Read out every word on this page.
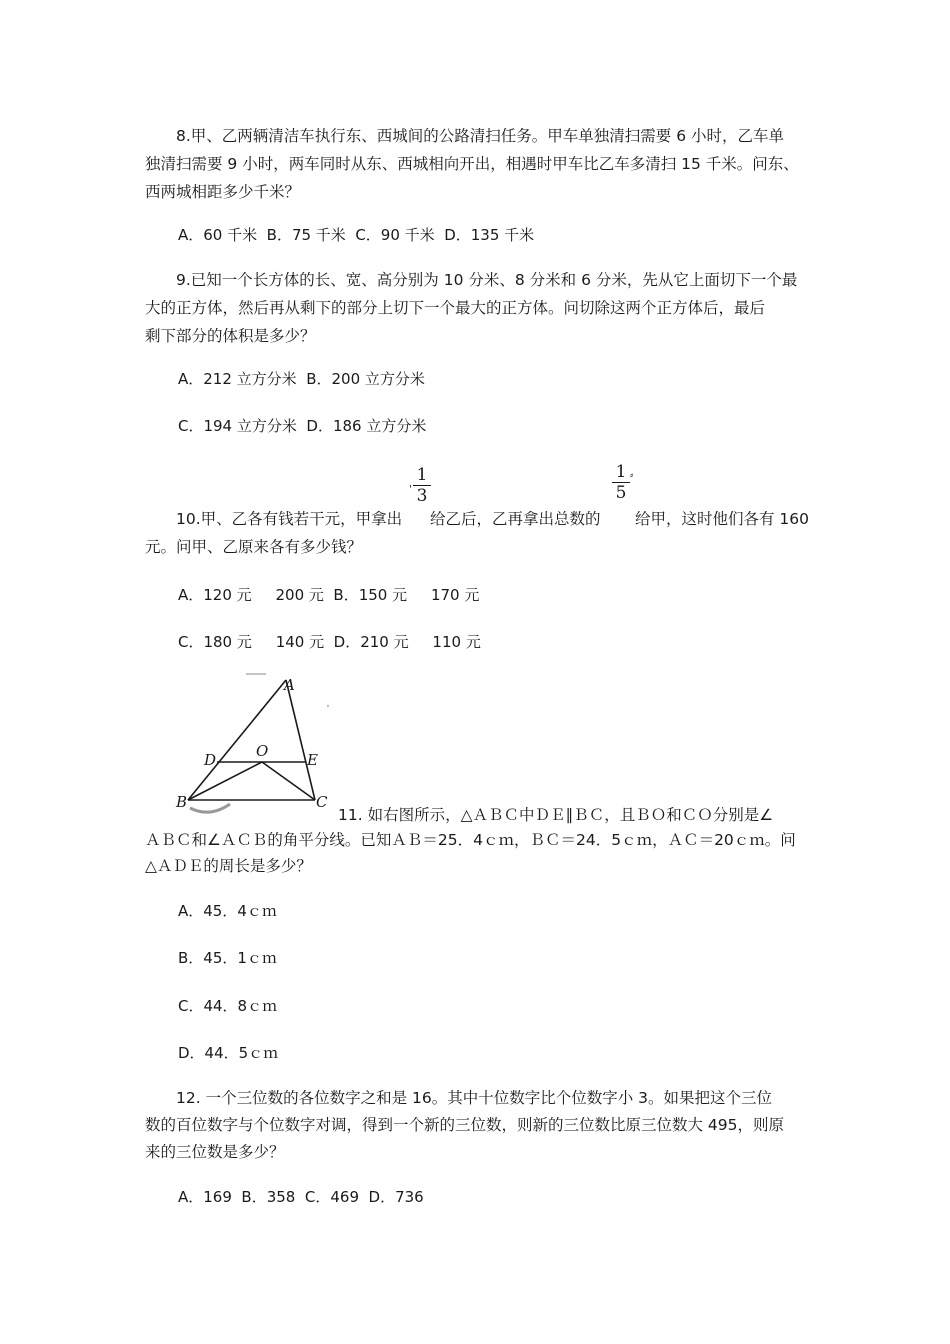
8.甲、乙两辆清洁车执行东、西城间的公路清扫任务。甲车单独清扫需要 6 小时，乙车单

独清扫需要 9 小时，两车同时从东、西城相向开出，相遇时甲车比乙车多清扫 15 千米。问东、

西两城相距多少千米？

A．60 千米  B．75 千米  C．90 千米  D．135 千米

9.已知一个长方体的长、宽、高分别为 10 分米、8 分米和 6 分米，先从它上面切下一个最

大的正方体，然后再从剩下的部分上切下一个最大的正方体。问切除这两个正方体后，最后

剩下部分的体积是多少？

A．212 立方分米  B．200 立方分米

C．194 立方分米  D．186 立方分米

' $\frac{1}{3}$	$\frac{1}{5}$ ⸗

10.甲、乙各有钱若干元，甲拿出 给乙后，乙再拿出总数的 给甲，这时他们各有 160

元。问甲、乙原来各有多少钱？

A．120 元     200 元  B．150 元     170 元

C．180 元     140 元  D．210 元     110 元

A
D	O	E
B	C

11. 如右图所示，△ＡＢＣ中ＤＥ∥ＢＣ，且ＢＯ和ＣＯ分别是∠

ＡＢＣ和∠ＡＣＢ的角平分线。已知ＡＢ＝25．4ｃｍ，ＢＣ＝24．5ｃｍ，ＡＣ＝20ｃｍ。问

△ＡＤＥ的周长是多少？

A．45．4ｃｍ

B．45．1ｃｍ

C．44．8ｃｍ

D．44．5ｃｍ

12. 一个三位数的各位数字之和是 16。其中十位数字比个位数字小 3。如果把这个三位

数的百位数字与个位数字对调，得到一个新的三位数，则新的三位数比原三位数大 495，则原

来的三位数是多少？

A．169  B．358  C．469  D．736
